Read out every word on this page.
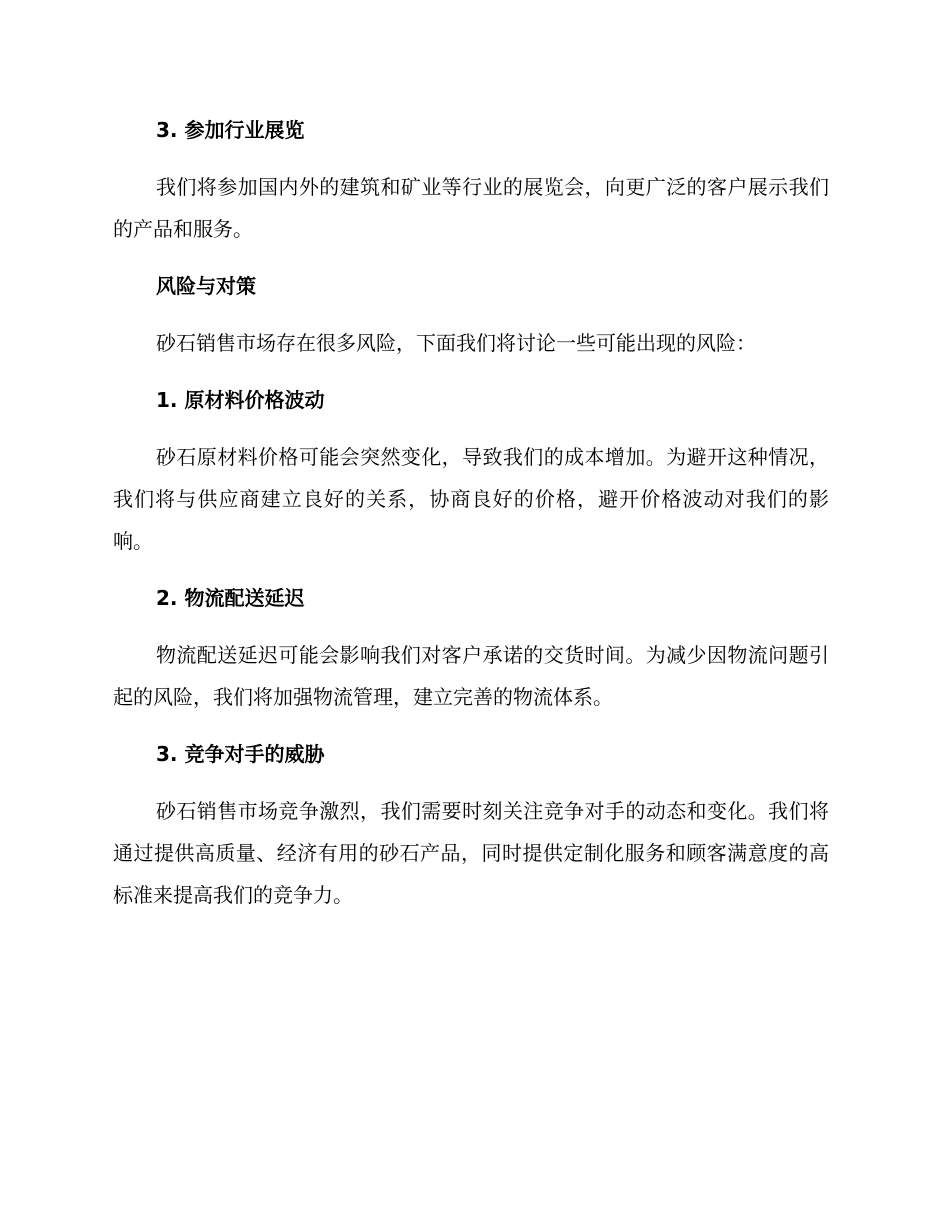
3. 参加行业展览

我们将参加国内外的建筑和矿业等行业的展览会，向更广泛的客户展示我们的产品和服务。

风险与对策

砂石销售市场存在很多风险，下面我们将讨论一些可能出现的风险：

1. 原材料价格波动

砂石原材料价格可能会突然变化，导致我们的成本增加。为避开这种情况，我们将与供应商建立良好的关系，协商良好的价格，避开价格波动对我们的影响。

2. 物流配送延迟

物流配送延迟可能会影响我们对客户承诺的交货时间。为减少因物流问题引起的风险，我们将加强物流管理，建立完善的物流体系。

3. 竞争对手的威胁

砂石销售市场竞争激烈，我们需要时刻关注竞争对手的动态和变化。我们将通过提供高质量、经济有用的砂石产品，同时提供定制化服务和顾客满意度的高标准来提高我们的竞争力。
